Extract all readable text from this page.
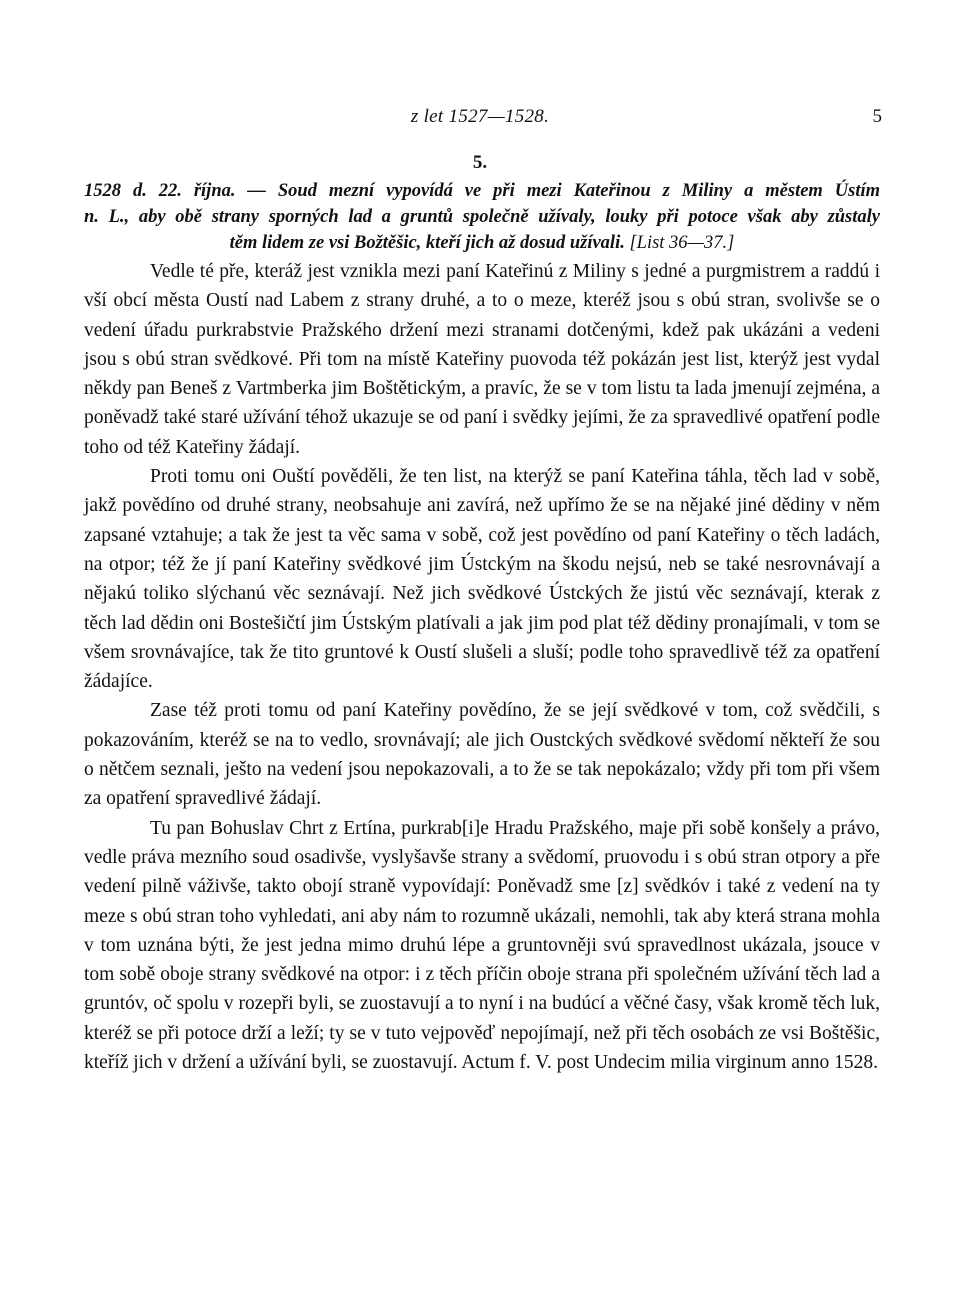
z let 1527—1528.	5
5.
1528 d. 22. října. — Soud mezní vypovídá ve při mezi Kateřinou z Miliny a městem Ústím
n. L., aby obě strany sporných lad a gruntů společně užívaly, louky při potoce však aby zůstaly
těm lidem ze vsi Božtěšic, kteří jich až dosud užívali. [List 36—37.]

Vedle té pře, kteráž jest vznikla mezi paní Kateřinú z Miliny s jedné a purgmistrem a raddú i vší obcí města Oustí nad Labem z strany druhé, a to o meze, kteréž jsou s obú stran, svolivše se o vedení úřadu purkrabstvie Pražského držení mezi stranami dotčenými, kdež pak ukázáni a vedeni jsou s obú stran svědkové. Při tom na místě Kateřiny puovoda též pokázán jest list, kterýž jest vydal někdy pan Beneš z Vartmberka jim Boštětickým, a pravíc, že se v tom listu ta lada jmenují zejména, a poněvadž také staré užívání téhož ukazuje se od paní i svědky jejími, že za spravedlivé opatření podle toho od též Kateřiny žádají.

Proti tomu oni Ouští pověděli, že ten list, na kterýž se paní Kateřina táhla, těch lad v sobě, jakž povědíno od druhé strany, neobsahuje ani zavírá, než upřímo že se na nějaké jiné dědiny v něm zapsané vztahuje; a tak že jest ta věc sama v sobě, což jest povědíno od paní Kateřiny o těch ladách, na otpor; též že jí paní Kateřiny svědkové jim Ústckým na škodu nejsú, neb se také nesrovnávají a nějakú toliko slýchanú věc seznávají. Než jich svědkové Ústckých že jistú věc seznávají, kterak z těch lad dědin oni Bostešičtí jim Ústským platívali a jak jim pod plat též dědiny pronajímali, v tom se všem srovnávajíce, tak že tito gruntové k Oustí slušeli a sluší; podle toho spravedlivě též za opatření žádajíce.

Zase též proti tomu od paní Kateřiny povědíno, že se její svědkové v tom, což svědčili, s pokazováním, kteréž se na to vedlo, srovnávají; ale jich Oustckých svědkové svědomí někteří že sou o nětčem seznali, ješto na vedení jsou nepokazovali, a to že se tak nepokázalo; vždy při tom při všem za opatření spravedlivé žádají.

Tu pan Bohuslav Chrt z Ertína, purkrab[i]e Hradu Pražského, maje při sobě konšely a právo, vedle práva mezního soud osadivše, vyslyšavše strany a svědomí, pruovodu i s obú stran otpory a pře vedení pilně váživše, takto obojí straně vypovídají: Poněvadž sme [z] svědkóv i také z vedení na ty meze s obú stran toho vyhledati, ani aby nám to rozumně ukázali, nemohli, tak aby která strana mohla v tom uznána býti, že jest jedna mimo druhú lépe a gruntovněji svú spravedlnost ukázala, jsouce v tom sobě oboje strany svědkové na otpor: i z těch příčin oboje strana při společném užívání těch lad a gruntóv, oč spolu v rozepři byli, se zuostavují a to nyní i na budúcí a věčné časy, však kromě těch luk, kteréž se při potoce drží a leží; ty se v tuto vejpověď nepojímají, než při těch osobách ze vsi Boštěšic, kteříž jich v držení a užívání byli, se zuostavují. Actum f. V. post Undecim milia virginum anno 1528.
